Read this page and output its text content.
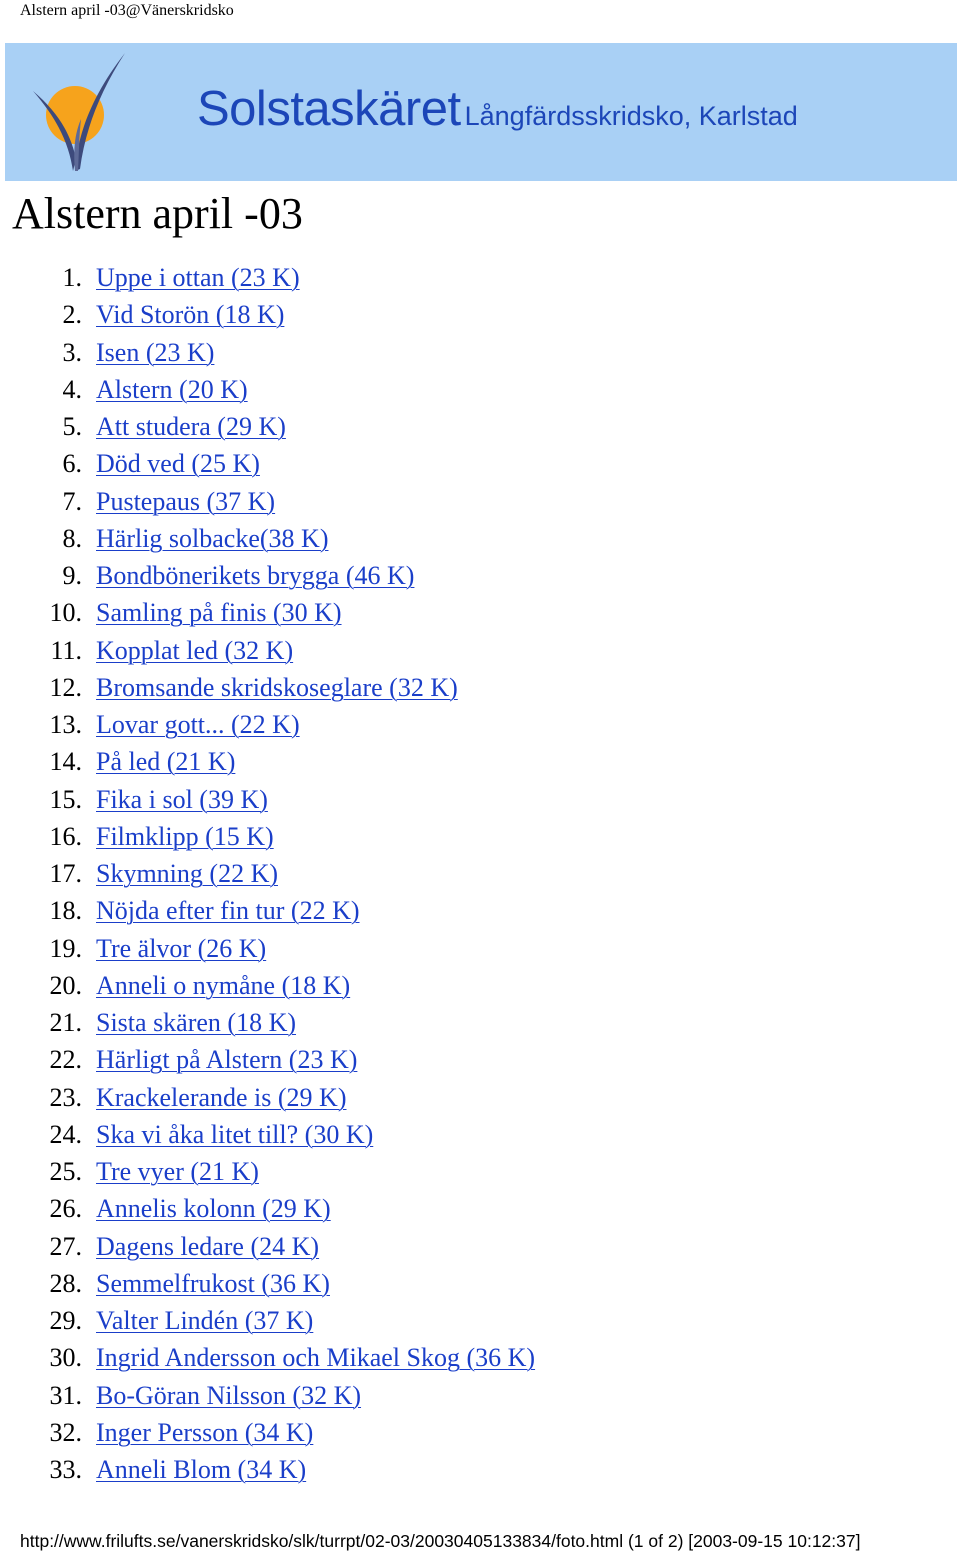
Alstern april -03@Vänerskridsko
Solstaskäret Långfärdsskridsko, Karlstad
Alstern april -03
1. Uppe i ottan (23 K)
2. Vid Storön (18 K)
3. Isen (23 K)
4. Alstern (20 K)
5. Att studera (29 K)
6. Död ved (25 K)
7. Pustepaus (37 K)
8. Härlig solbacke(38 K)
9. Bondbönerikets brygga (46 K)
10. Samling på finis (30 K)
11. Kopplat led (32 K)
12. Bromsande skridskoseglare (32 K)
13. Lovar gott... (22 K)
14. På led (21 K)
15. Fika i sol (39 K)
16. Filmklipp (15 K)
17. Skymning (22 K)
18. Nöjda efter fin tur (22 K)
19. Tre älvor (26 K)
20. Anneli o nymåne (18 K)
21. Sista skären (18 K)
22. Härligt på Alstern (23 K)
23. Krackelerande is (29 K)
24. Ska vi åka litet till? (30 K)
25. Tre vyer (21 K)
26. Annelis kolonn (29 K)
27. Dagens ledare (24 K)
28. Semmelfrukost (36 K)
29. Valter Lindén (37 K)
30. Ingrid Andersson och Mikael Skog (36 K)
31. Bo-Göran Nilsson (32 K)
32. Inger Persson (34 K)
33. Anneli Blom (34 K)
http://www.frilufts.se/vanerskridsko/slk/turrpt/02-03/20030405133834/foto.html (1 of 2) [2003-09-15 10:12:37]
